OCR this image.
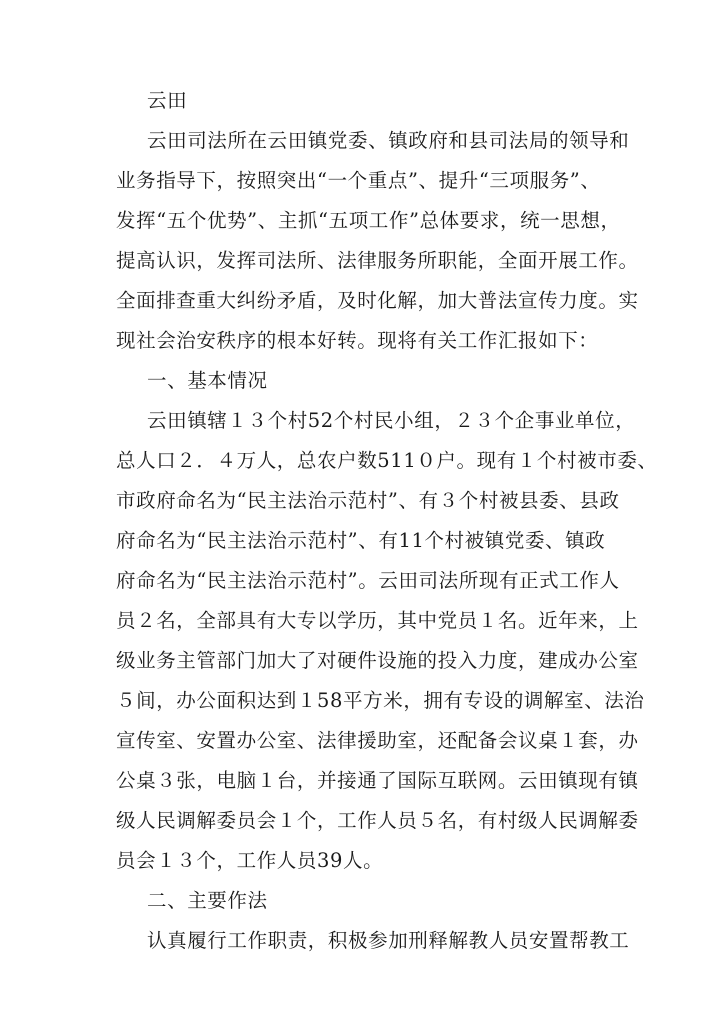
云田
云田司法所在云田镇党委、镇政府和县司法局的领导和
业务指导下，按照突出“一个重点”、提升“三项服务”、
发挥“五个优势”、主抓“五项工作”总体要求，统一思想，
提高认识，发挥司法所、法律服务所职能，全面开展工作。
全面排查重大纠纷矛盾，及时化解，加大普法宣传力度。实
现社会治安秩序的根本好转。现将有关工作汇报如下：
一、基本情况
云田镇辖１３个村52个村民小组，２３个企事业单位，
总人口２．４万人，总农户数511０户。现有１个村被市委、
市政府命名为“民主法治示范村”、有３个村被县委、县政
府命名为“民主法治示范村”、有11个村被镇党委、镇政
府命名为“民主法治示范村”。云田司法所现有正式工作人
员２名，全部具有大专以学历，其中党员１名。近年来，上
级业务主管部门加大了对硬件设施的投入力度，建成办公室
５间，办公面积达到１58平方米，拥有专设的调解室、法治
宣传室、安置办公室、法律援助室，还配备会议桌１套，办
公桌３张，电脑１台，并接通了国际互联网。云田镇现有镇
级人民调解委员会１个，工作人员５名，有村级人民调解委
员会１３个，工作人员39人。
二、主要作法
认真履行工作职责，积极参加刑释解教人员安置帮教工
